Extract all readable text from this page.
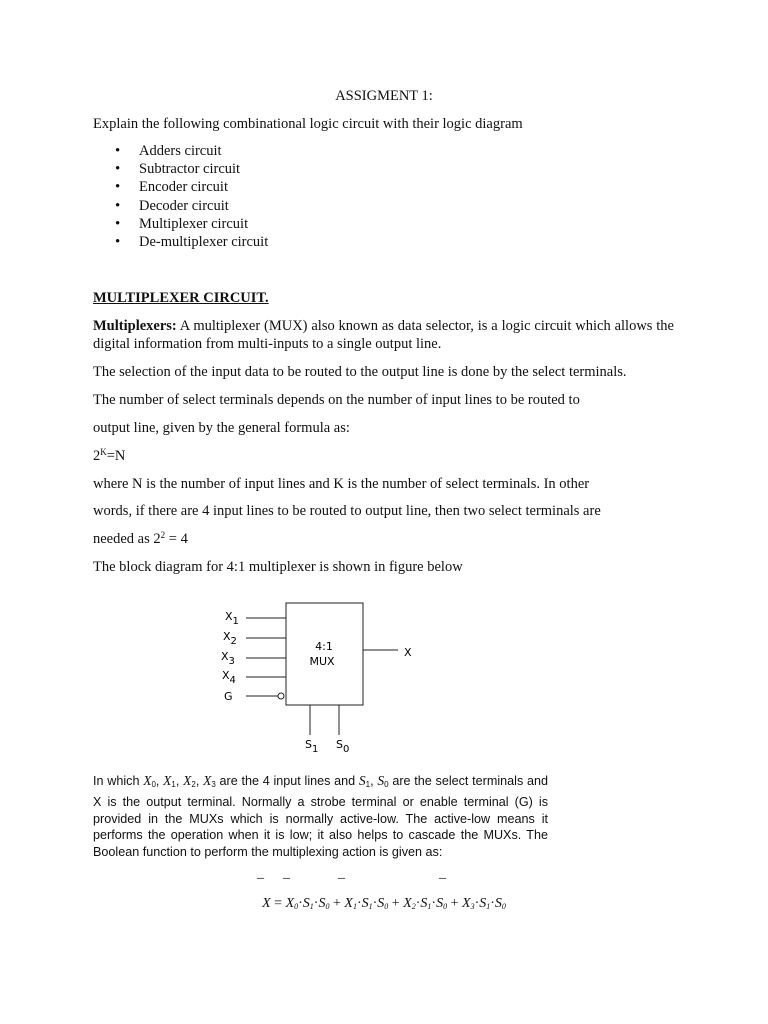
ASSIGMENT 1:
Explain the following combinational logic circuit with their logic diagram
• Adders circuit
• Subtractor circuit
• Encoder circuit
• Decoder circuit
• Multiplexer circuit
• De-multiplexer circuit
MULTIPLEXER CIRCUIT.
Multiplexers: A multiplexer (MUX) also known as data selector, is a logic circuit which allows the digital information from multi-inputs to a single output line.
The selection of the input data to be routed to the output line is done by the select terminals.
The number of select terminals depends on the number of input lines to be routed to
output line, given by the general formula as:
$2^K=N$
where N is the number of input lines and K is the number of select terminals. In other
words, if there are 4 input lines to be routed to output line, then two select terminals are
needed as $2^2 = 4$
The block diagram for 4:1 multiplexer is shown in figure below
X1
X2
X3
X4
G
4:1
MUX
X
S1 S0
In which $X_0$, $X_1$, $X_2$, $X_3$ are the 4 input lines and $S_1$, $S_0$ are the select terminals and X is the output terminal. Normally a strobe terminal or enable terminal (G) is provided in the MUXs which is normally active-low. The active-low means it performs the operation when it is low; it also helps to cascade the MUXs. The Boolean function to perform the multiplexing action is given as:
_ _	_	_
$X = X_0\cdot S_1\cdot S_0 + X_1\cdot S_1\cdot S_0 + X_2\cdot S_1\cdot S_0 + X_3\cdot S_1\cdot S_0$
